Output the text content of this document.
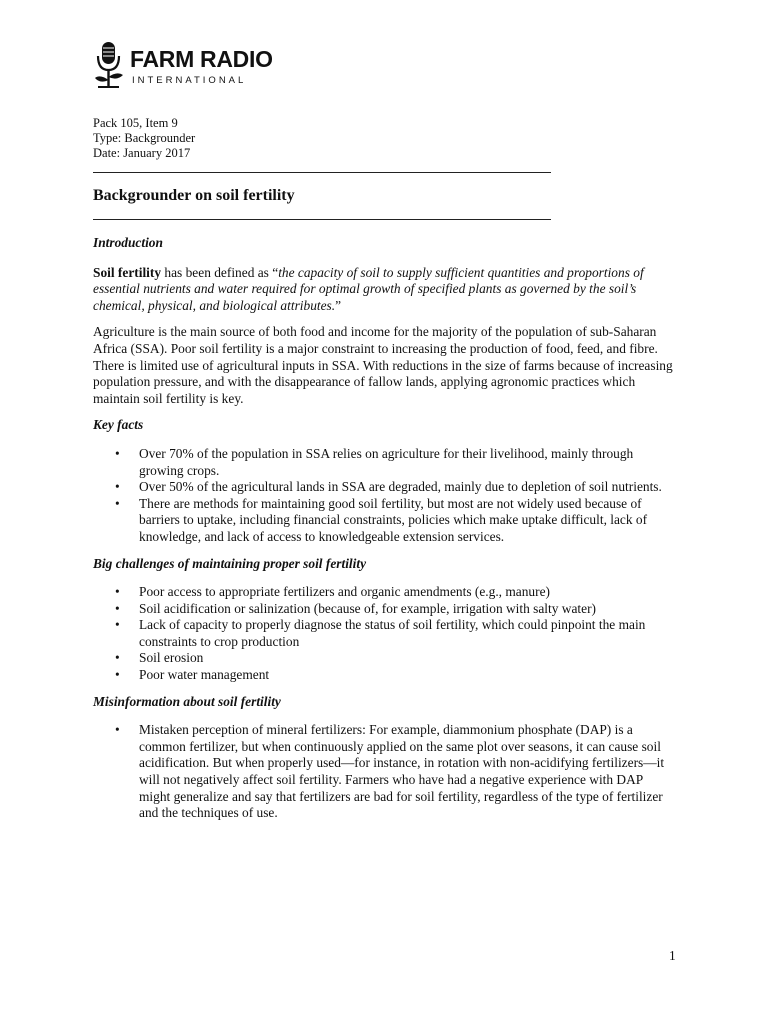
FARM RADIO
INTERNATIONAL
Pack 105, Item 9
Type: Backgrounder
Date: January 2017
Backgrounder on soil fertility
Introduction

Soil fertility has been defined as “the capacity of soil to supply sufficient quantities and proportions of essential nutrients and water required for optimal growth of specified plants as governed by the soil’s chemical, physical, and biological attributes.”

Agriculture is the main source of both food and income for the majority of the population of sub-Saharan Africa (SSA). Poor soil fertility is a major constraint to increasing the production of food, feed, and fibre. There is limited use of agricultural inputs in SSA. With reductions in the size of farms because of increasing population pressure, and with the disappearance of fallow lands, applying agronomic practices which maintain soil fertility is key.

Key facts
• Over 70% of the population in SSA relies on agriculture for their livelihood, mainly through growing crops.
• Over 50% of the agricultural lands in SSA are degraded, mainly due to depletion of soil nutrients.
• There are methods for maintaining good soil fertility, but most are not widely used because of barriers to uptake, including financial constraints, policies which make uptake difficult, lack of knowledge, and lack of access to knowledgeable extension services.
Big challenges of maintaining proper soil fertility
• Poor access to appropriate fertilizers and organic amendments (e.g., manure)
• Soil acidification or salinization (because of, for example, irrigation with salty water)
• Lack of capacity to properly diagnose the status of soil fertility, which could pinpoint the main constraints to crop production
• Soil erosion
• Poor water management
Misinformation about soil fertility
• Mistaken perception of mineral fertilizers: For example, diammonium phosphate (DAP) is a common fertilizer, but when continuously applied on the same plot over seasons, it can cause soil acidification. But when properly used—for instance, in rotation with non-acidifying fertilizers—it will not negatively affect soil fertility. Farmers who have had a negative experience with DAP might generalize and say that fertilizers are bad for soil fertility, regardless of the type of fertilizer and the techniques of use.
1
